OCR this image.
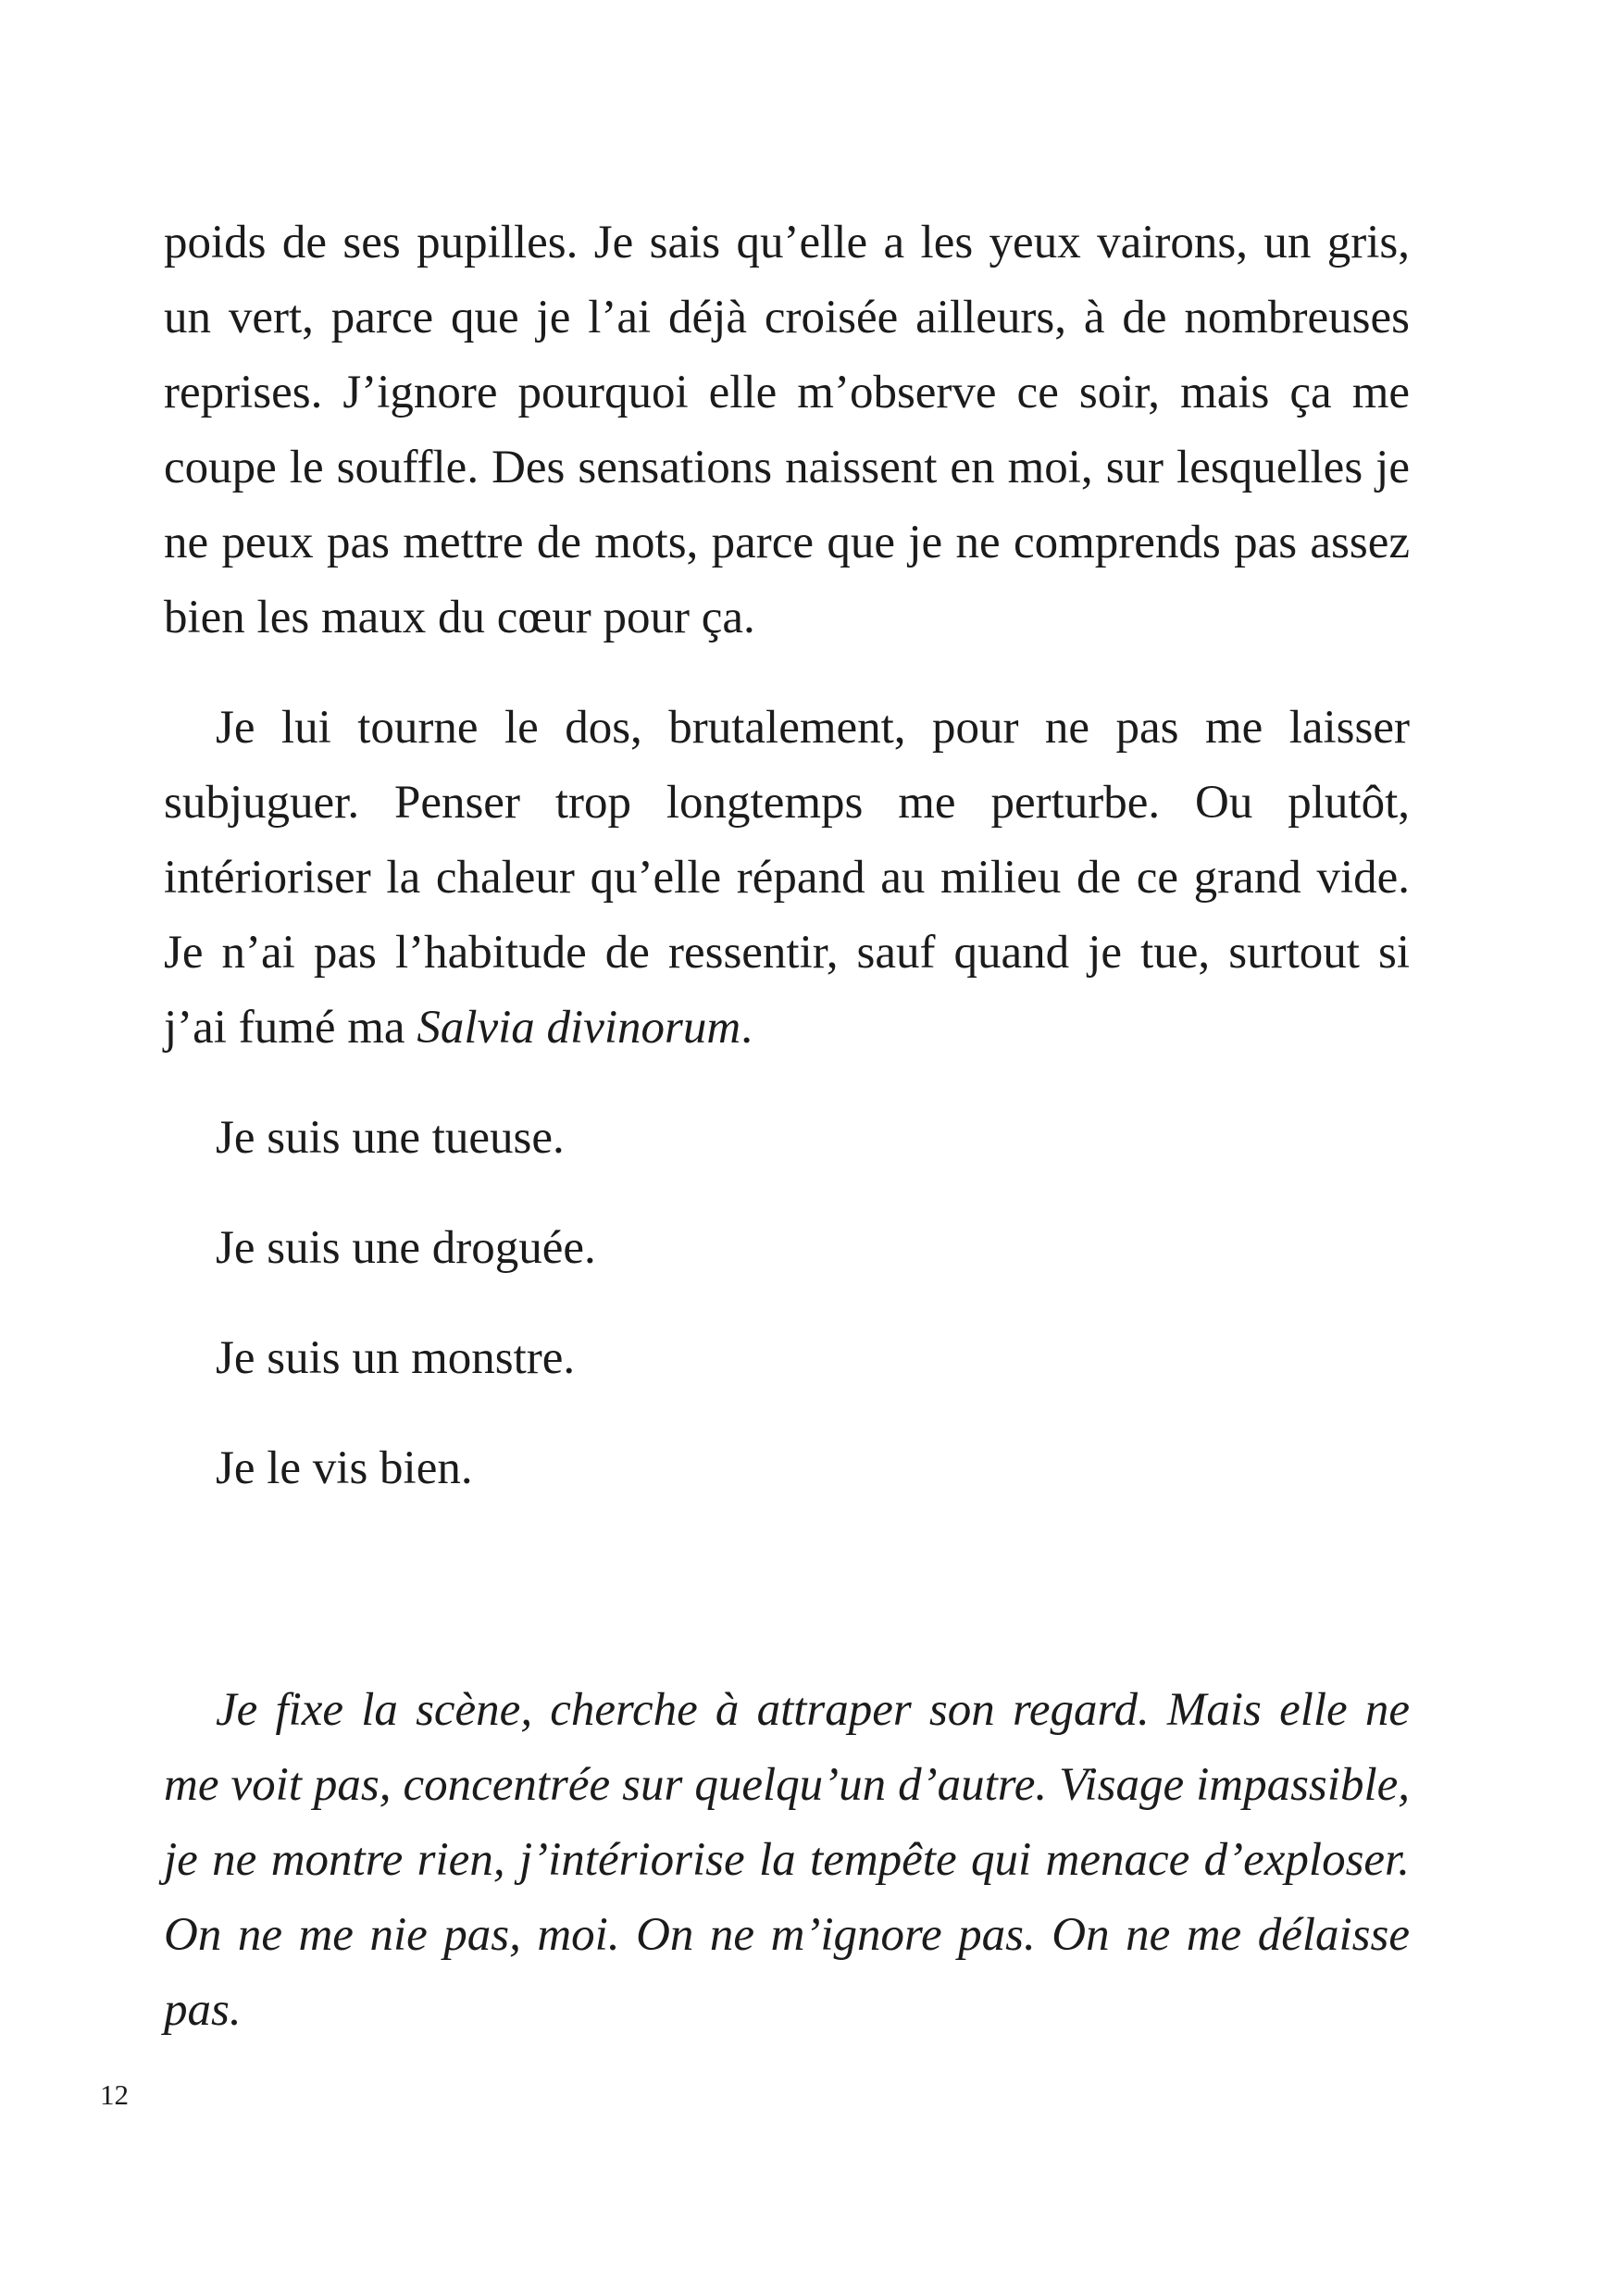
poids de ses pupilles. Je sais qu’elle a les yeux vairons, un gris, un vert, parce que je l’ai déjà croisée ailleurs, à de nombreuses reprises. J’ignore pourquoi elle m’observe ce soir, mais ça me coupe le souffle. Des sensations naissent en moi, sur lesquelles je ne peux pas mettre de mots, parce que je ne comprends pas assez bien les maux du cœur pour ça.

Je lui tourne le dos, brutalement, pour ne pas me laisser subjuguer. Penser trop longtemps me perturbe. Ou plutôt, intérioriser la chaleur qu’elle répand au milieu de ce grand vide. Je n’ai pas l’habitude de ressentir, sauf quand je tue, surtout si j’ai fumé ma Salvia divinorum.

Je suis une tueuse.

Je suis une droguée.

Je suis un monstre.

Je le vis bien.

Je fixe la scène, cherche à attraper son regard. Mais elle ne me voit pas, concentrée sur quelqu’un d’autre. Visage impassible, je ne montre rien, j’intériorise la tempête qui menace d’exploser. On ne me nie pas, moi. On ne m’ignore pas. On ne me délaisse pas.

12
